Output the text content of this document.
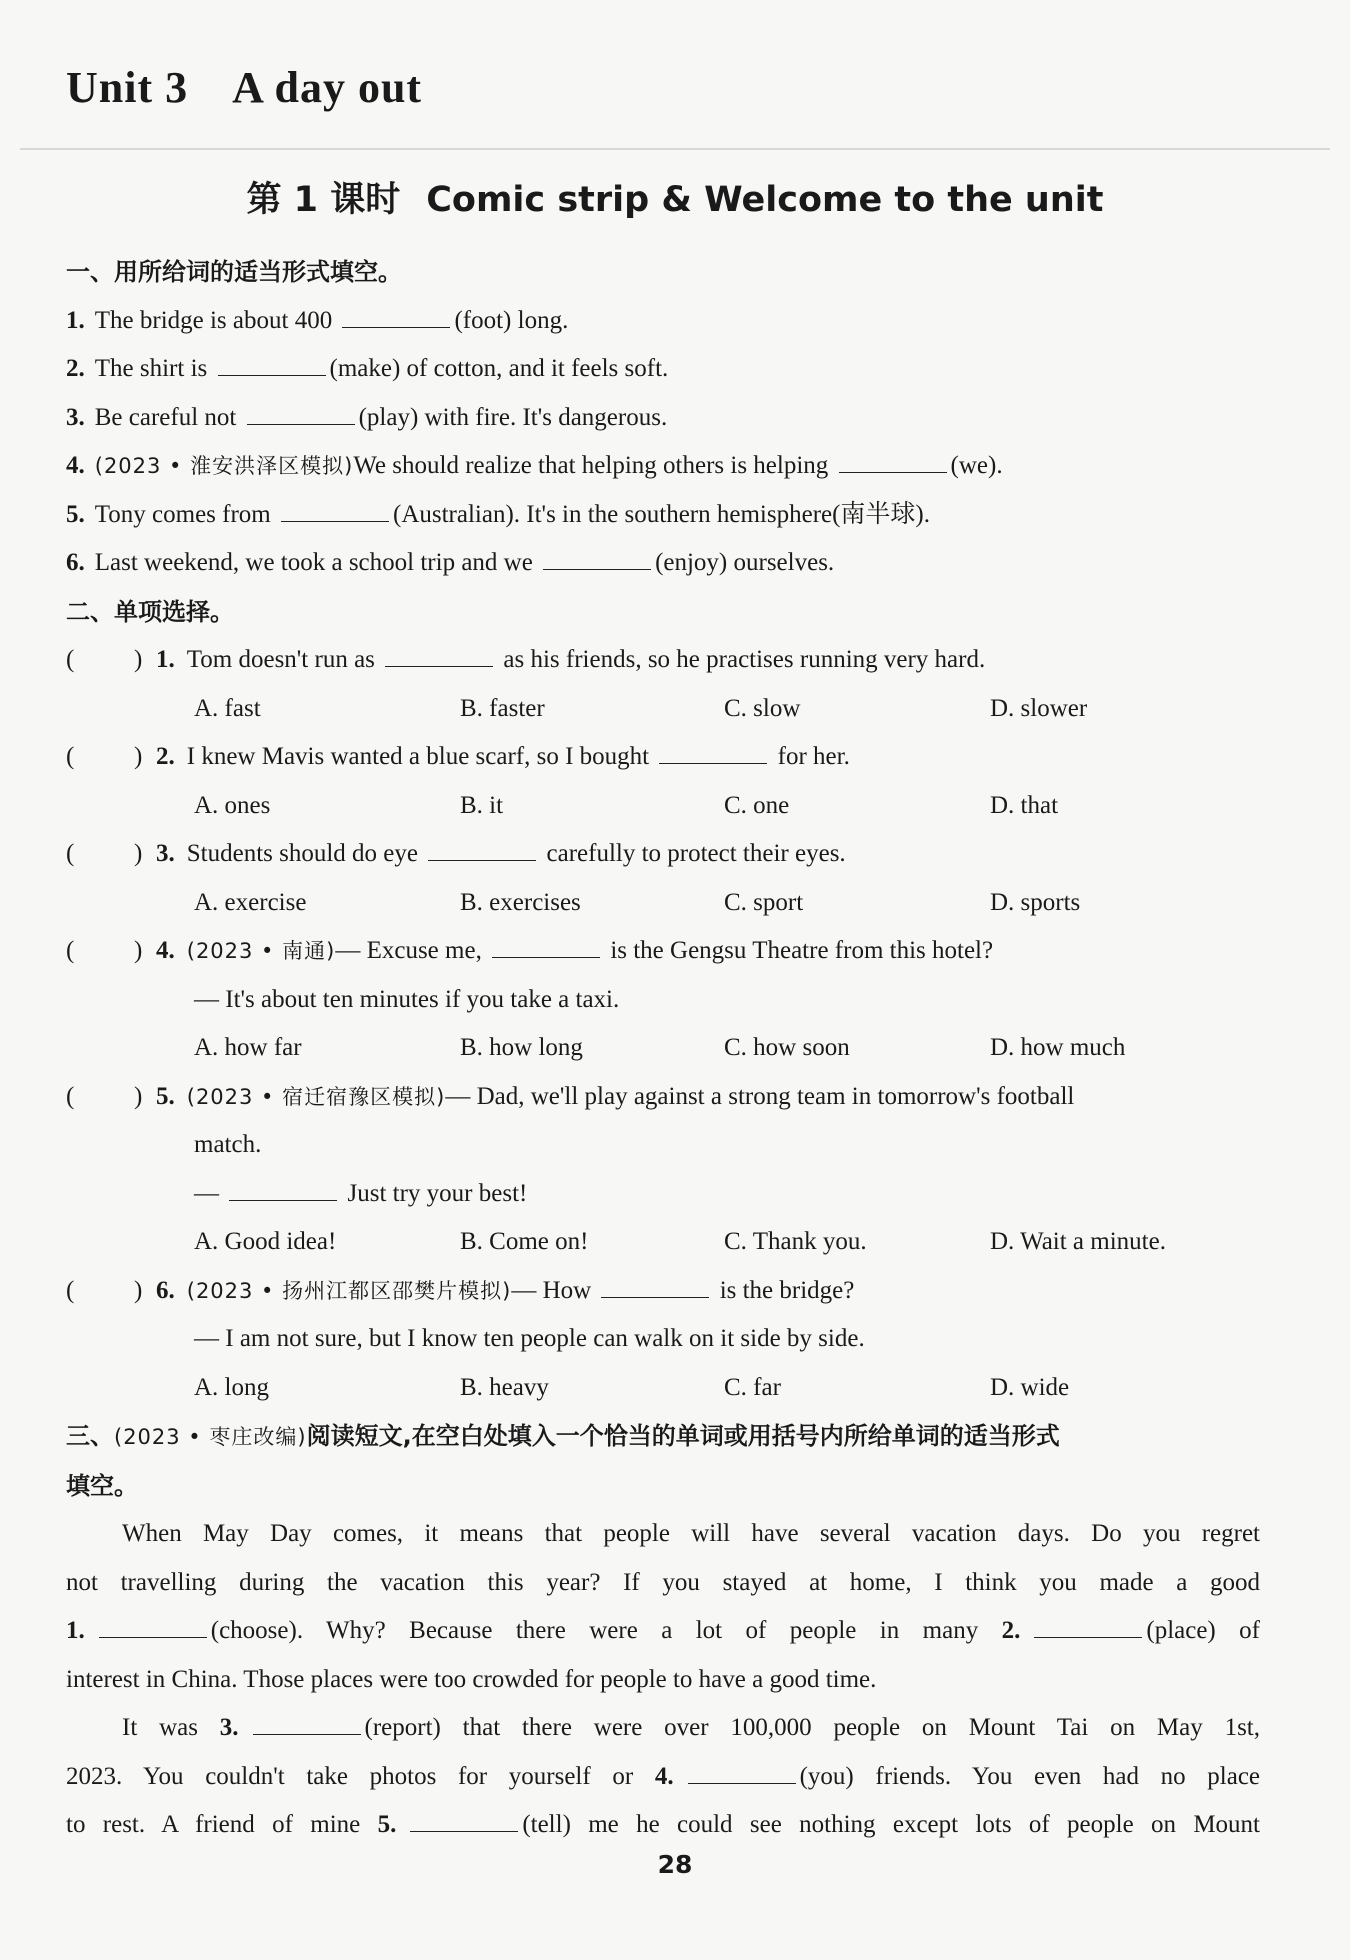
Unit 3 A day out
第 1 课时 Comic strip & Welcome to the unit
一、用所给词的适当形式填空。
1. The bridge is about 400	(foot) long.
2. The shirt is	(make) of cotton, and it feels soft.
3. Be careful not	(play) with fire. It's dangerous.
4. (2023 • 淮安洪泽区模拟)We should realize that helping others is helping	(we).
5. Tony comes from	(Australian). It's in the southern hemisphere(南半球).
6. Last weekend, we took a school trip and we	(enjoy) ourselves.
二、单项选择。
( ) 1. Tom doesn't run as	as his friends, so he practises running very hard.
A. fast	B. faster	C. slow	D. slower
( ) 2. I knew Mavis wanted a blue scarf, so I bought	for her.
A. ones	B. it	C. one	D. that
( ) 3. Students should do eye	carefully to protect their eyes.
A. exercise	B. exercises	C. sport	D. sports
( ) 4. (2023 • 南通)— Excuse me,	is the Gengsu Theatre from this hotel?
— It's about ten minutes if you take a taxi.
A. how far	B. how long	C. how soon	D. how much
( ) 5. (2023 • 宿迁宿豫区模拟)— Dad, we'll play against a strong team in tomorrow's football
match.
—	Just try your best!
A. Good idea!	B. Come on!	C. Thank you.	D. Wait a minute.
( ) 6. (2023 • 扬州江都区邵樊片模拟)— How	is the bridge?
— I am not sure, but I know ten people can walk on it side by side.
A. long	B. heavy	C. far	D. wide
三、(2023 • 枣庄改编)阅读短文,在空白处填入一个恰当的单词或用括号内所给单词的适当形式
填空。
When May Day comes, it means that people will have several vacation days. Do you regret
not travelling during the vacation this year? If you stayed at home, I think you made a good
1.	(choose). Why? Because there were a lot of people in many 2.	(place) of
interest in China. Those places were too crowded for people to have a good time.
It was 3.	(report) that there were over 100,000 people on Mount Tai on May 1st,
2023. You couldn't take photos for yourself or 4.	(you) friends. You even had no place
to rest. A friend of mine 5.	(tell) me he could see nothing except lots of people on Mount
28
